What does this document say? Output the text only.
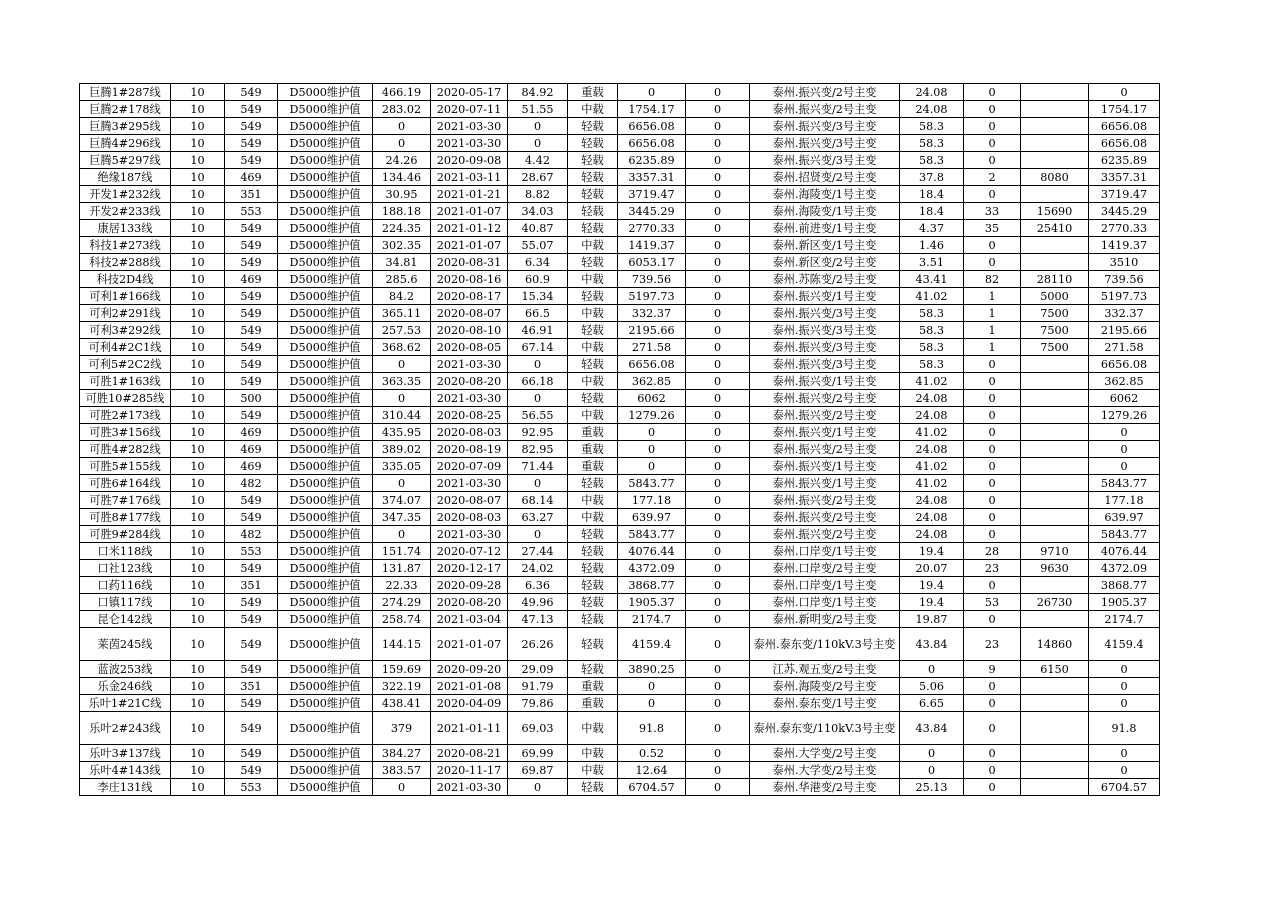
巨腾1#287线	10	549	D5000维护值	466.19	2020-05-17	84.92	重载	0	0	泰州.振兴变/2号主变	24.08	0		0
巨腾2#178线	10	549	D5000维护值	283.02	2020-07-11	51.55	中载	1754.17	0	泰州.振兴变/2号主变	24.08	0		1754.17
巨腾3#295线	10	549	D5000维护值	0	2021-03-30	0	轻载	6656.08	0	泰州.振兴变/3号主变	58.3	0		6656.08
巨腾4#296线	10	549	D5000维护值	0	2021-03-30	0	轻载	6656.08	0	泰州.振兴变/3号主变	58.3	0		6656.08
巨腾5#297线	10	549	D5000维护值	24.26	2020-09-08	4.42	轻载	6235.89	0	泰州.振兴变/3号主变	58.3	0		6235.89
绝缘187线	10	469	D5000维护值	134.46	2021-03-11	28.67	轻载	3357.31	0	泰州.招贤变/2号主变	37.8	2	8080	3357.31
开发1#232线	10	351	D5000维护值	30.95	2021-01-21	8.82	轻载	3719.47	0	泰州.海陵变/1号主变	18.4	0		3719.47
开发2#233线	10	553	D5000维护值	188.18	2021-01-07	34.03	轻载	3445.29	0	泰州.海陵变/1号主变	18.4	33	15690	3445.29
康居133线	10	549	D5000维护值	224.35	2021-01-12	40.87	轻载	2770.33	0	泰州.前进变/1号主变	4.37	35	25410	2770.33
科技1#273线	10	549	D5000维护值	302.35	2021-01-07	55.07	中载	1419.37	0	泰州.新区变/1号主变	1.46	0		1419.37
科技2#288线	10	549	D5000维护值	34.81	2020-08-31	6.34	轻载	6053.17	0	泰州.新区变/2号主变	3.51	0		3510
科技2D4线	10	469	D5000维护值	285.6	2020-08-16	60.9	中载	739.56	0	泰州.苏陈变/2号主变	43.41	82	28110	739.56
可利1#166线	10	549	D5000维护值	84.2	2020-08-17	15.34	轻载	5197.73	0	泰州.振兴变/1号主变	41.02	1	5000	5197.73
可利2#291线	10	549	D5000维护值	365.11	2020-08-07	66.5	中载	332.37	0	泰州.振兴变/3号主变	58.3	1	7500	332.37
可利3#292线	10	549	D5000维护值	257.53	2020-08-10	46.91	轻载	2195.66	0	泰州.振兴变/3号主变	58.3	1	7500	2195.66
可利4#2C1线	10	549	D5000维护值	368.62	2020-08-05	67.14	中载	271.58	0	泰州.振兴变/3号主变	58.3	1	7500	271.58
可利5#2C2线	10	549	D5000维护值	0	2021-03-30	0	轻载	6656.08	0	泰州.振兴变/3号主变	58.3	0		6656.08
可胜1#163线	10	549	D5000维护值	363.35	2020-08-20	66.18	中载	362.85	0	泰州.振兴变/1号主变	41.02	0		362.85
可胜10#285线	10	500	D5000维护值	0	2021-03-30	0	轻载	6062	0	泰州.振兴变/2号主变	24.08	0		6062
可胜2#173线	10	549	D5000维护值	310.44	2020-08-25	56.55	中载	1279.26	0	泰州.振兴变/2号主变	24.08	0		1279.26
可胜3#156线	10	469	D5000维护值	435.95	2020-08-03	92.95	重载	0	0	泰州.振兴变/1号主变	41.02	0		0
可胜4#282线	10	469	D5000维护值	389.02	2020-08-19	82.95	重载	0	0	泰州.振兴变/2号主变	24.08	0		0
可胜5#155线	10	469	D5000维护值	335.05	2020-07-09	71.44	重载	0	0	泰州.振兴变/1号主变	41.02	0		0
可胜6#164线	10	482	D5000维护值	0	2021-03-30	0	轻载	5843.77	0	泰州.振兴变/1号主变	41.02	0		5843.77
可胜7#176线	10	549	D5000维护值	374.07	2020-08-07	68.14	中载	177.18	0	泰州.振兴变/2号主变	24.08	0		177.18
可胜8#177线	10	549	D5000维护值	347.35	2020-08-03	63.27	中载	639.97	0	泰州.振兴变/2号主变	24.08	0		639.97
可胜9#284线	10	482	D5000维护值	0	2021-03-30	0	轻载	5843.77	0	泰州.振兴变/2号主变	24.08	0		5843.77
口米118线	10	553	D5000维护值	151.74	2020-07-12	27.44	轻载	4076.44	0	泰州.口岸变/1号主变	19.4	28	9710	4076.44
口社123线	10	549	D5000维护值	131.87	2020-12-17	24.02	轻载	4372.09	0	泰州.口岸变/2号主变	20.07	23	9630	4372.09
口药116线	10	351	D5000维护值	22.33	2020-09-28	6.36	轻载	3868.77	0	泰州.口岸变/1号主变	19.4	0		3868.77
口镇117线	10	549	D5000维护值	274.29	2020-08-20	49.96	轻载	1905.37	0	泰州.口岸变/1号主变	19.4	53	26730	1905.37
昆仑142线	10	549	D5000维护值	258.74	2021-03-04	47.13	轻载	2174.7	0	泰州.新明变/2号主变	19.87	0		2174.7
莱茵245线	10	549	D5000维护值	144.15	2021-01-07	26.26	轻载	4159.4	0	泰州.泰东变/110kV.3号主变	43.84	23	14860	4159.4
蓝波253线	10	549	D5000维护值	159.69	2020-09-20	29.09	轻载	3890.25	0	江苏.观五变/2号主变	0	9	6150	0
乐金246线	10	351	D5000维护值	322.19	2021-01-08	91.79	重载	0	0	泰州.海陵变/2号主变	5.06	0		0
乐叶1#21C线	10	549	D5000维护值	438.41	2020-04-09	79.86	重载	0	0	泰州.泰东变/1号主变	6.65	0		0
乐叶2#243线	10	549	D5000维护值	379	2021-01-11	69.03	中载	91.8	0	泰州.泰东变/110kV.3号主变	43.84	0		91.8
乐叶3#137线	10	549	D5000维护值	384.27	2020-08-21	69.99	中载	0.52	0	泰州.大学变/2号主变	0	0		0
乐叶4#143线	10	549	D5000维护值	383.57	2020-11-17	69.87	中载	12.64	0	泰州.大学变/2号主变	0	0		0
李庄131线	10	553	D5000维护值	0	2021-03-30	0	轻载	6704.57	0	泰州.华港变/2号主变	25.13	0		6704.57
